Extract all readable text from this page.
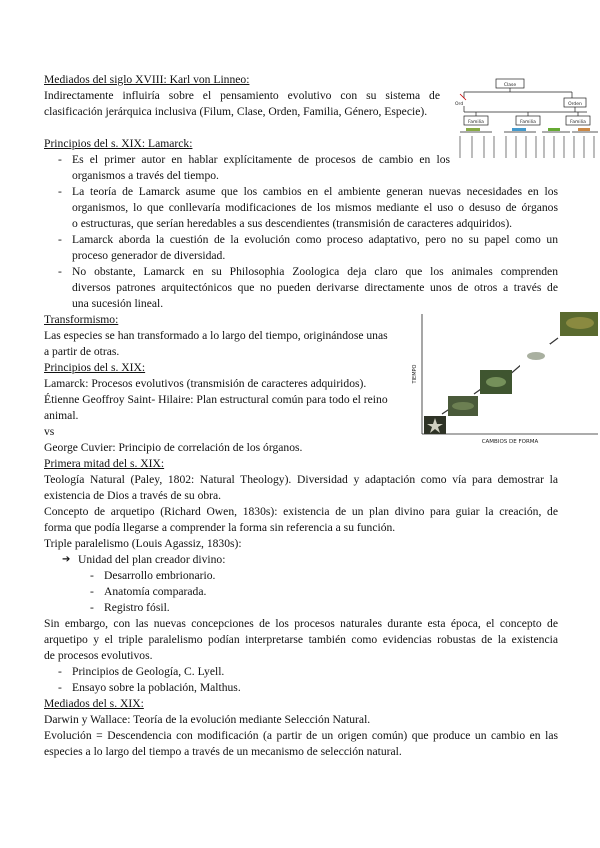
Mediados del siglo XVIII: Karl von Linneo:
Indirectamente influiría sobre el pensamiento evolutivo con su sistema de
clasificación jerárquica inclusiva (Filum, Clase, Orden, Familia, Género, Especie).
Clase
Ord	Orden
Familia	Familia	Familia
Principios del s. XIX: Lamarck:
- Es el primer autor en hablar explícitamente de procesos de cambio en los
organismos a través del tiempo.
- La teoría de Lamarck asume que los cambios en el ambiente generan nuevas necesidades en los
organismos, lo que conllevaría modificaciones de los mismos mediante el uso o desuso de órganos
o estructuras, que serían heredables a sus descendientes (transmisión de caracteres adquiridos).
- Lamarck aborda la cuestión de la evolución como proceso adaptativo, pero no su papel como un
proceso generador de diversidad.
- No obstante, Lamarck en su Philosophia Zoologica deja claro que los animales comprenden
diversos patrones arquitectónicos que no pueden derivarse directamente unos de otros a través de
una sucesión lineal.
Transformismo:
Las especies se han transformado a lo largo del tiempo, originándose unas
a partir de otras.
TIEMPO
CAMBIOS DE FORMA
Principios del s. XIX:
Lamarck: Procesos evolutivos (transmisión de caracteres adquiridos).
Étienne Geoffroy Saint- Hilaire: Plan estructural común para todo el reino
animal.
vs
George Cuvier: Principio de correlación de los órganos.
Primera mitad del s. XIX:
Teología Natural (Paley, 1802: Natural Theology). Diversidad y adaptación como vía para demostrar la
existencia de Dios a través de su obra.
Concepto de arquetipo (Richard Owen, 1830s): existencia de un plan divino para guiar la creación, de
forma que podía llegarse a comprender la forma sin referencia a su función.
Triple paralelismo (Louis Agassiz, 1830s):
➔ Unidad del plan creador divino:
- Desarrollo embrionario.
- Anatomía comparada.
- Registro fósil.
Sin embargo, con las nuevas concepciones de los procesos naturales durante esta época, el concepto de
arquetipo y el triple paralelismo podían interpretarse también como evidencias robustas de la existencia
de procesos evolutivos.
- Principios de Geología, C. Lyell.
- Ensayo sobre la población, Malthus.
Mediados del s. XIX:
Darwin y Wallace: Teoría de la evolución mediante Selección Natural.
Evolución = Descendencia con modificación (a partir de un origen común) que produce un cambio en las
especies a lo largo del tiempo a través de un mecanismo de selección natural.
